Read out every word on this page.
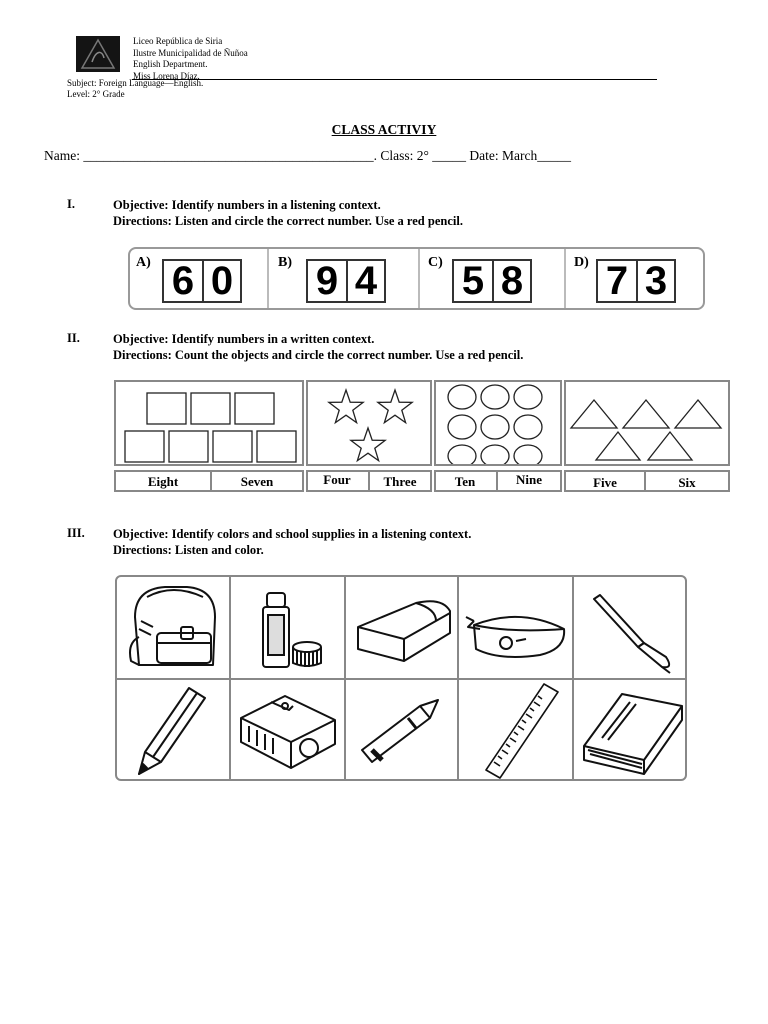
Liceo República de Siria
Ilustre Municipalidad de Ñuñoa
English Department.
Miss Lorena Díaz.
Subject: Foreign Language—English.
Level: 2° Grade
CLASS ACTIVIY
Name: ___________________________________________. Class: 2° _____ Date: March_____
I.	Objective: Identify numbers in a listening context.
Directions: Listen and circle the correct number. Use a red pencil.
A) 6 0	B) 9 4	C) 5 8	D) 7 3
II.	Objective: Identify numbers in a written context.
Directions: Count the objects and circle the correct number. Use a red pencil.
Eight	Seven	Four	Three	Ten	Nine	Five	Six
III. Objective: Identify colors and school supplies in a listening context.
Directions: Listen and color.
